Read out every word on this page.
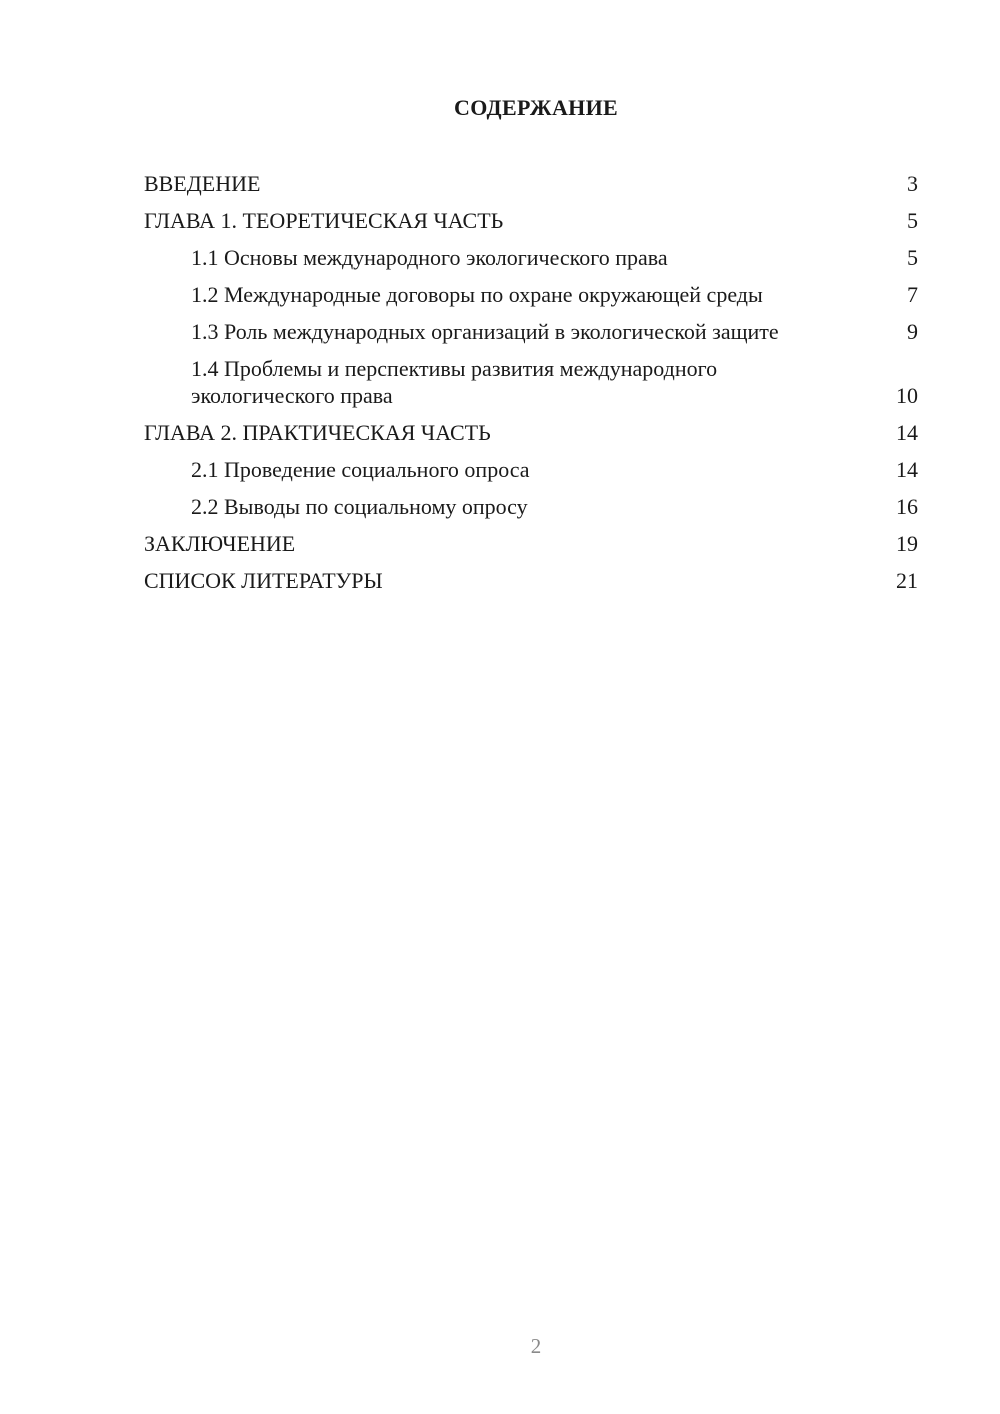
СОДЕРЖАНИЕ
ВВЕДЕНИЕ	3
ГЛАВА 1. ТЕОРЕТИЧЕСКАЯ ЧАСТЬ	5
1.1 Основы международного экологического права	5
1.2 Международные договоры по охране окружающей среды	7
1.3 Роль международных организаций в экологической защите	9
1.4 Проблемы и перспективы развития международного экологического права	10
ГЛАВА 2. ПРАКТИЧЕСКАЯ ЧАСТЬ	14
2.1 Проведение социального опроса	14
2.2 Выводы по социальному опросу	16
ЗАКЛЮЧЕНИЕ	19
СПИСОК ЛИТЕРАТУРЫ	21
2
